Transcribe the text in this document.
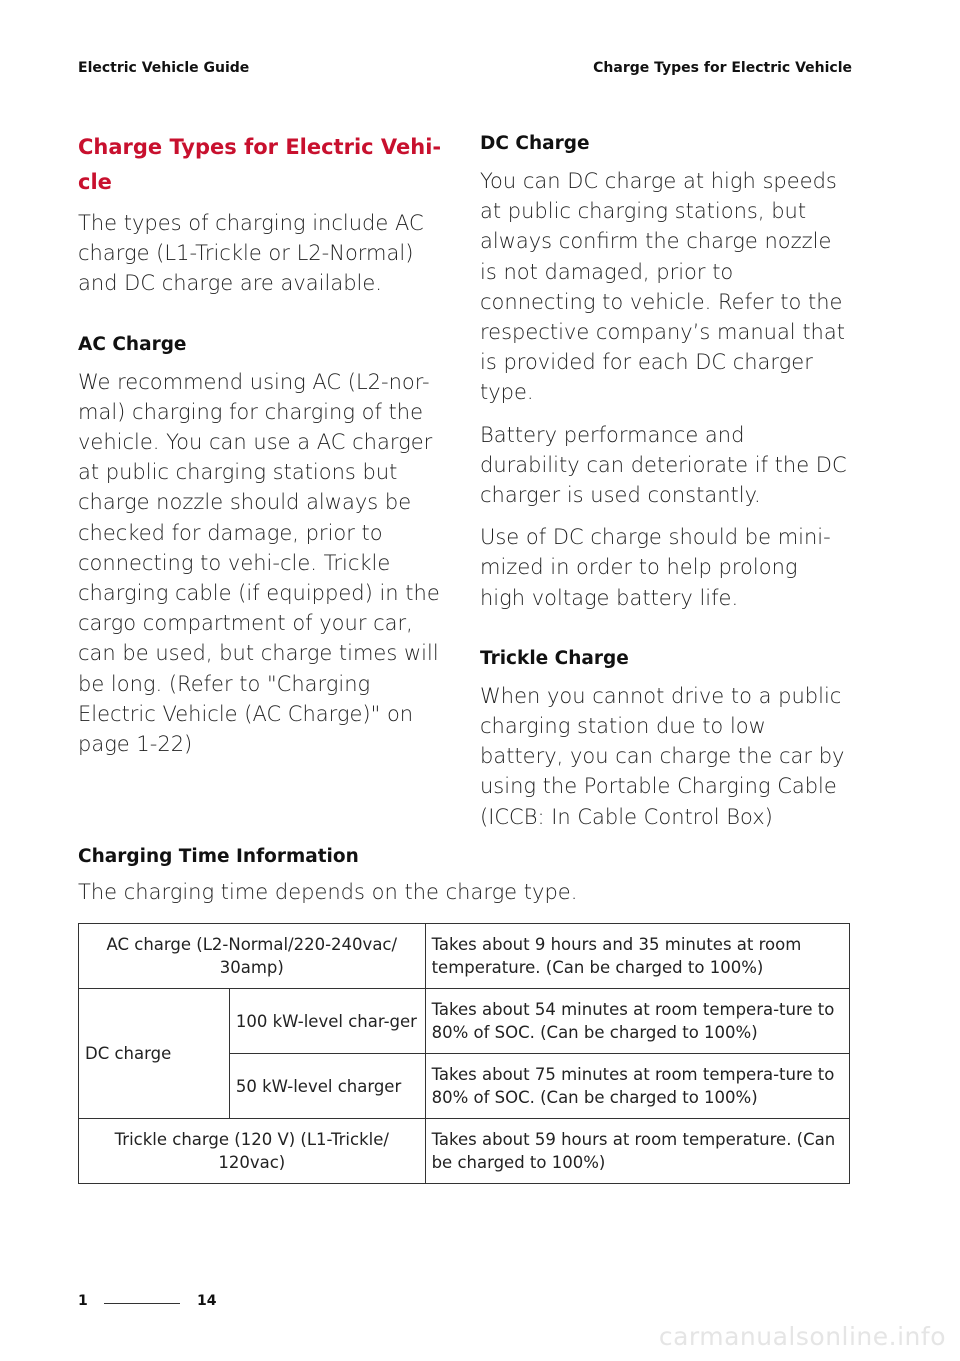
Electric Vehicle Guide	Charge Types for Electric Vehicle
Charge Types for Electric Vehi-
cle

The types of charging include AC charge (L1-Trickle or L2-Normal) and DC charge are available.

AC Charge

We recommend using AC (L2-nor-mal) charging for charging of the vehicle. You can use a AC charger at public charging stations but charge nozzle should always be checked for damage, prior to connecting to vehi-cle. Trickle charging cable (if equipped) in the cargo compartment of your car, can be used, but charge times will be long. (Refer to "Charging Electric Vehicle (AC Charge)" on page 1-22)

DC Charge

You can DC charge at high speeds at public charging stations, but always confirm the charge nozzle is not damaged, prior to connecting to vehicle. Refer to the respective company’s manual that is provided for each DC charger type.

Battery performance and durability can deteriorate if the DC charger is used constantly.

Use of DC charge should be mini-mized in order to help prolong high voltage battery life.

Trickle Charge

When you cannot drive to a public charging station due to low battery, you can charge the car by using the Portable Charging Cable (ICCB: In Cable Control Box)

Charging Time Information
The charging time depends on the charge type.
AC charge (L2-Normal/220-240vac/ 30amp)		Takes about 9 hours and 35 minutes at room temperature. (Can be charged to 100%)
DC charge	100 kW-level char-ger	Takes about 54 minutes at room tempera-ture to 80% of SOC. (Can be charged to 100%)
	50 kW-level charger	Takes about 75 minutes at room tempera-ture to 80% of SOC. (Can be charged to 100%)
Trickle charge (120 V) (L1-Trickle/ 120vac)		Takes about 59 hours at room temperature. (Can be charged to 100%)
1	14
carmanualsonline.info
